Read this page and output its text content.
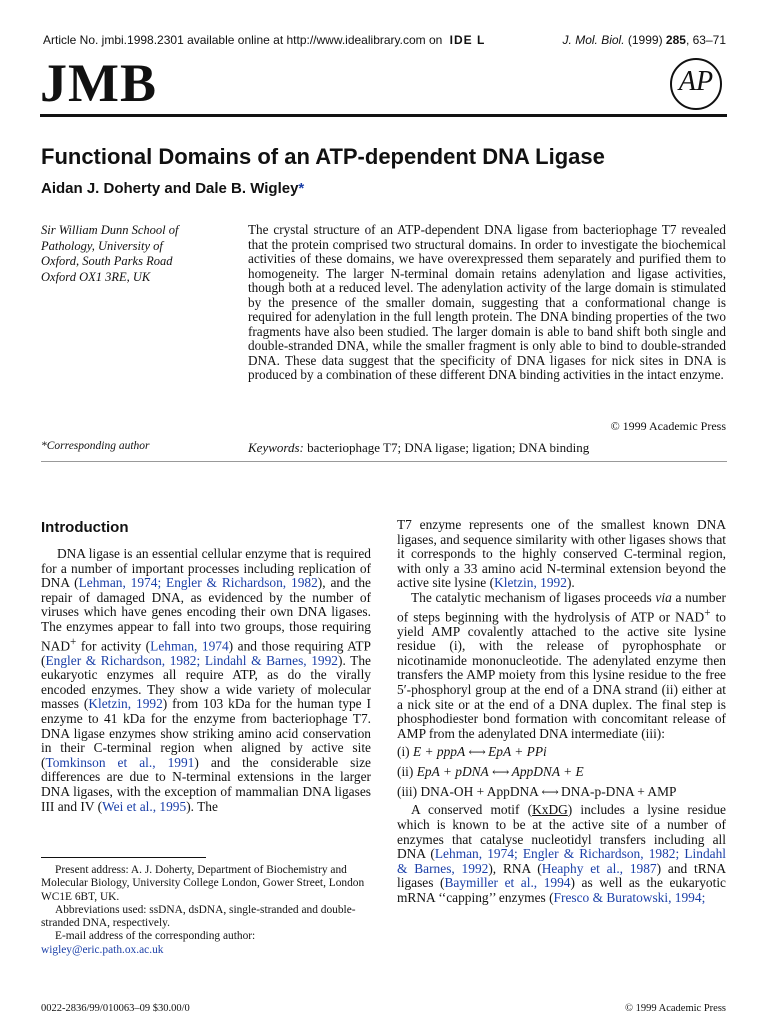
Article No. jmbi.1998.2301 available online at http://www.idealibrary.com on IDE L	J. Mol. Biol. (1999) 285, 63–71
JMB	AP
Functional Domains of an ATP-dependent DNA Ligase
Aidan J. Doherty and Dale B. Wigley*
Sir William Dunn School of
Pathology, University of
Oxford, South Parks Road
Oxford OX1 3RE, UK
The crystal structure of an ATP-dependent DNA ligase from bacteriophage T7 revealed that the protein comprised two structural domains. In order to investigate the biochemical activities of these domains, we have overexpressed them separately and purified them to homogeneity. The larger N-terminal domain retains adenylation and ligase activities, though both at a reduced level. The adenylation activity of the large domain is stimulated by the presence of the smaller domain, suggesting that a conformational change is required for adenylation in the full length protein. The DNA binding properties of the two fragments have also been studied. The larger domain is able to band shift both single and double-stranded DNA, while the smaller fragment is only able to bind to double-stranded DNA. These data suggest that the specificity of DNA ligases for nick sites in DNA is produced by a combination of these different DNA binding activities in the intact enzyme.
© 1999 Academic Press
*Corresponding author	Keywords: bacteriophage T7; DNA ligase; ligation; DNA binding
Introduction

DNA ligase is an essential cellular enzyme that is required for a number of important processes including replication of DNA (Lehman, 1974; Engler & Richardson, 1982), and the repair of damaged DNA, as evidenced by the number of viruses which have genes encoding their own DNA ligases. The enzymes appear to fall into two groups, those requiring NAD+ for activity (Lehman, 1974) and those requiring ATP (Engler & Richardson, 1982; Lindahl & Barnes, 1992). The eukaryotic enzymes all require ATP, as do the virally encoded enzymes. They show a wide variety of molecular masses (Kletzin, 1992) from 103 kDa for the human type I enzyme to 41 kDa for the enzyme from bacteriophage T7. DNA ligase enzymes show striking amino acid conservation in their C-terminal region when aligned by active site (Tomkinson et al., 1991) and the considerable size differences are due to N-terminal extensions in the larger DNA ligases, with the exception of mammalian DNA ligases III and IV (Wei et al., 1995). The

Present address: A. J. Doherty, Department of Biochemistry and Molecular Biology, University College London, Gower Street, London WC1E 6BT, UK.
Abbreviations used: ssDNA, dsDNA, single-stranded and double-stranded DNA, respectively.
E-mail address of the corresponding author:
wigley@eric.path.ox.ac.uk

T7 enzyme represents one of the smallest known DNA ligases, and sequence similarity with other ligases shows that it corresponds to the highly conserved C-terminal region, with only a 33 amino acid N-terminal extension beyond the active site lysine (Kletzin, 1992).

The catalytic mechanism of ligases proceeds via a number of steps beginning with the hydrolysis of ATP or NAD+ to yield AMP covalently attached to the active site lysine residue (i), with the release of pyrophosphate or nicotinamide mononucleotide. The adenylated enzyme then transfers the AMP moiety from this lysine residue to the free 5′-phosphoryl group at the end of a DNA strand (ii) either at a nick site or at the end of a DNA duplex. The final step is phosphodiester bond formation with concomitant release of AMP from the adenylated DNA intermediate (iii):

(i) E + pppA ⟷ EpA + PPi
(ii) EpA + pDNA ⟷ AppDNA + E
(iii) DNA-OH + AppDNA ⟷ DNA-p-DNA + AMP

A conserved motif (KxDG) includes a lysine residue which is known to be at the active site of a number of enzymes that catalyse nucleotidyl transfers including all DNA (Lehman, 1974; Engler & Richardson, 1982; Lindahl & Barnes, 1992), RNA (Heaphy et al., 1987) and tRNA ligases (Baymiller et al., 1994) as well as the eukaryotic mRNA ‘‘capping’’ enzymes (Fresco & Buratowski, 1994;

0022-2836/99/010063–09 $30.00/0	© 1999 Academic Press
